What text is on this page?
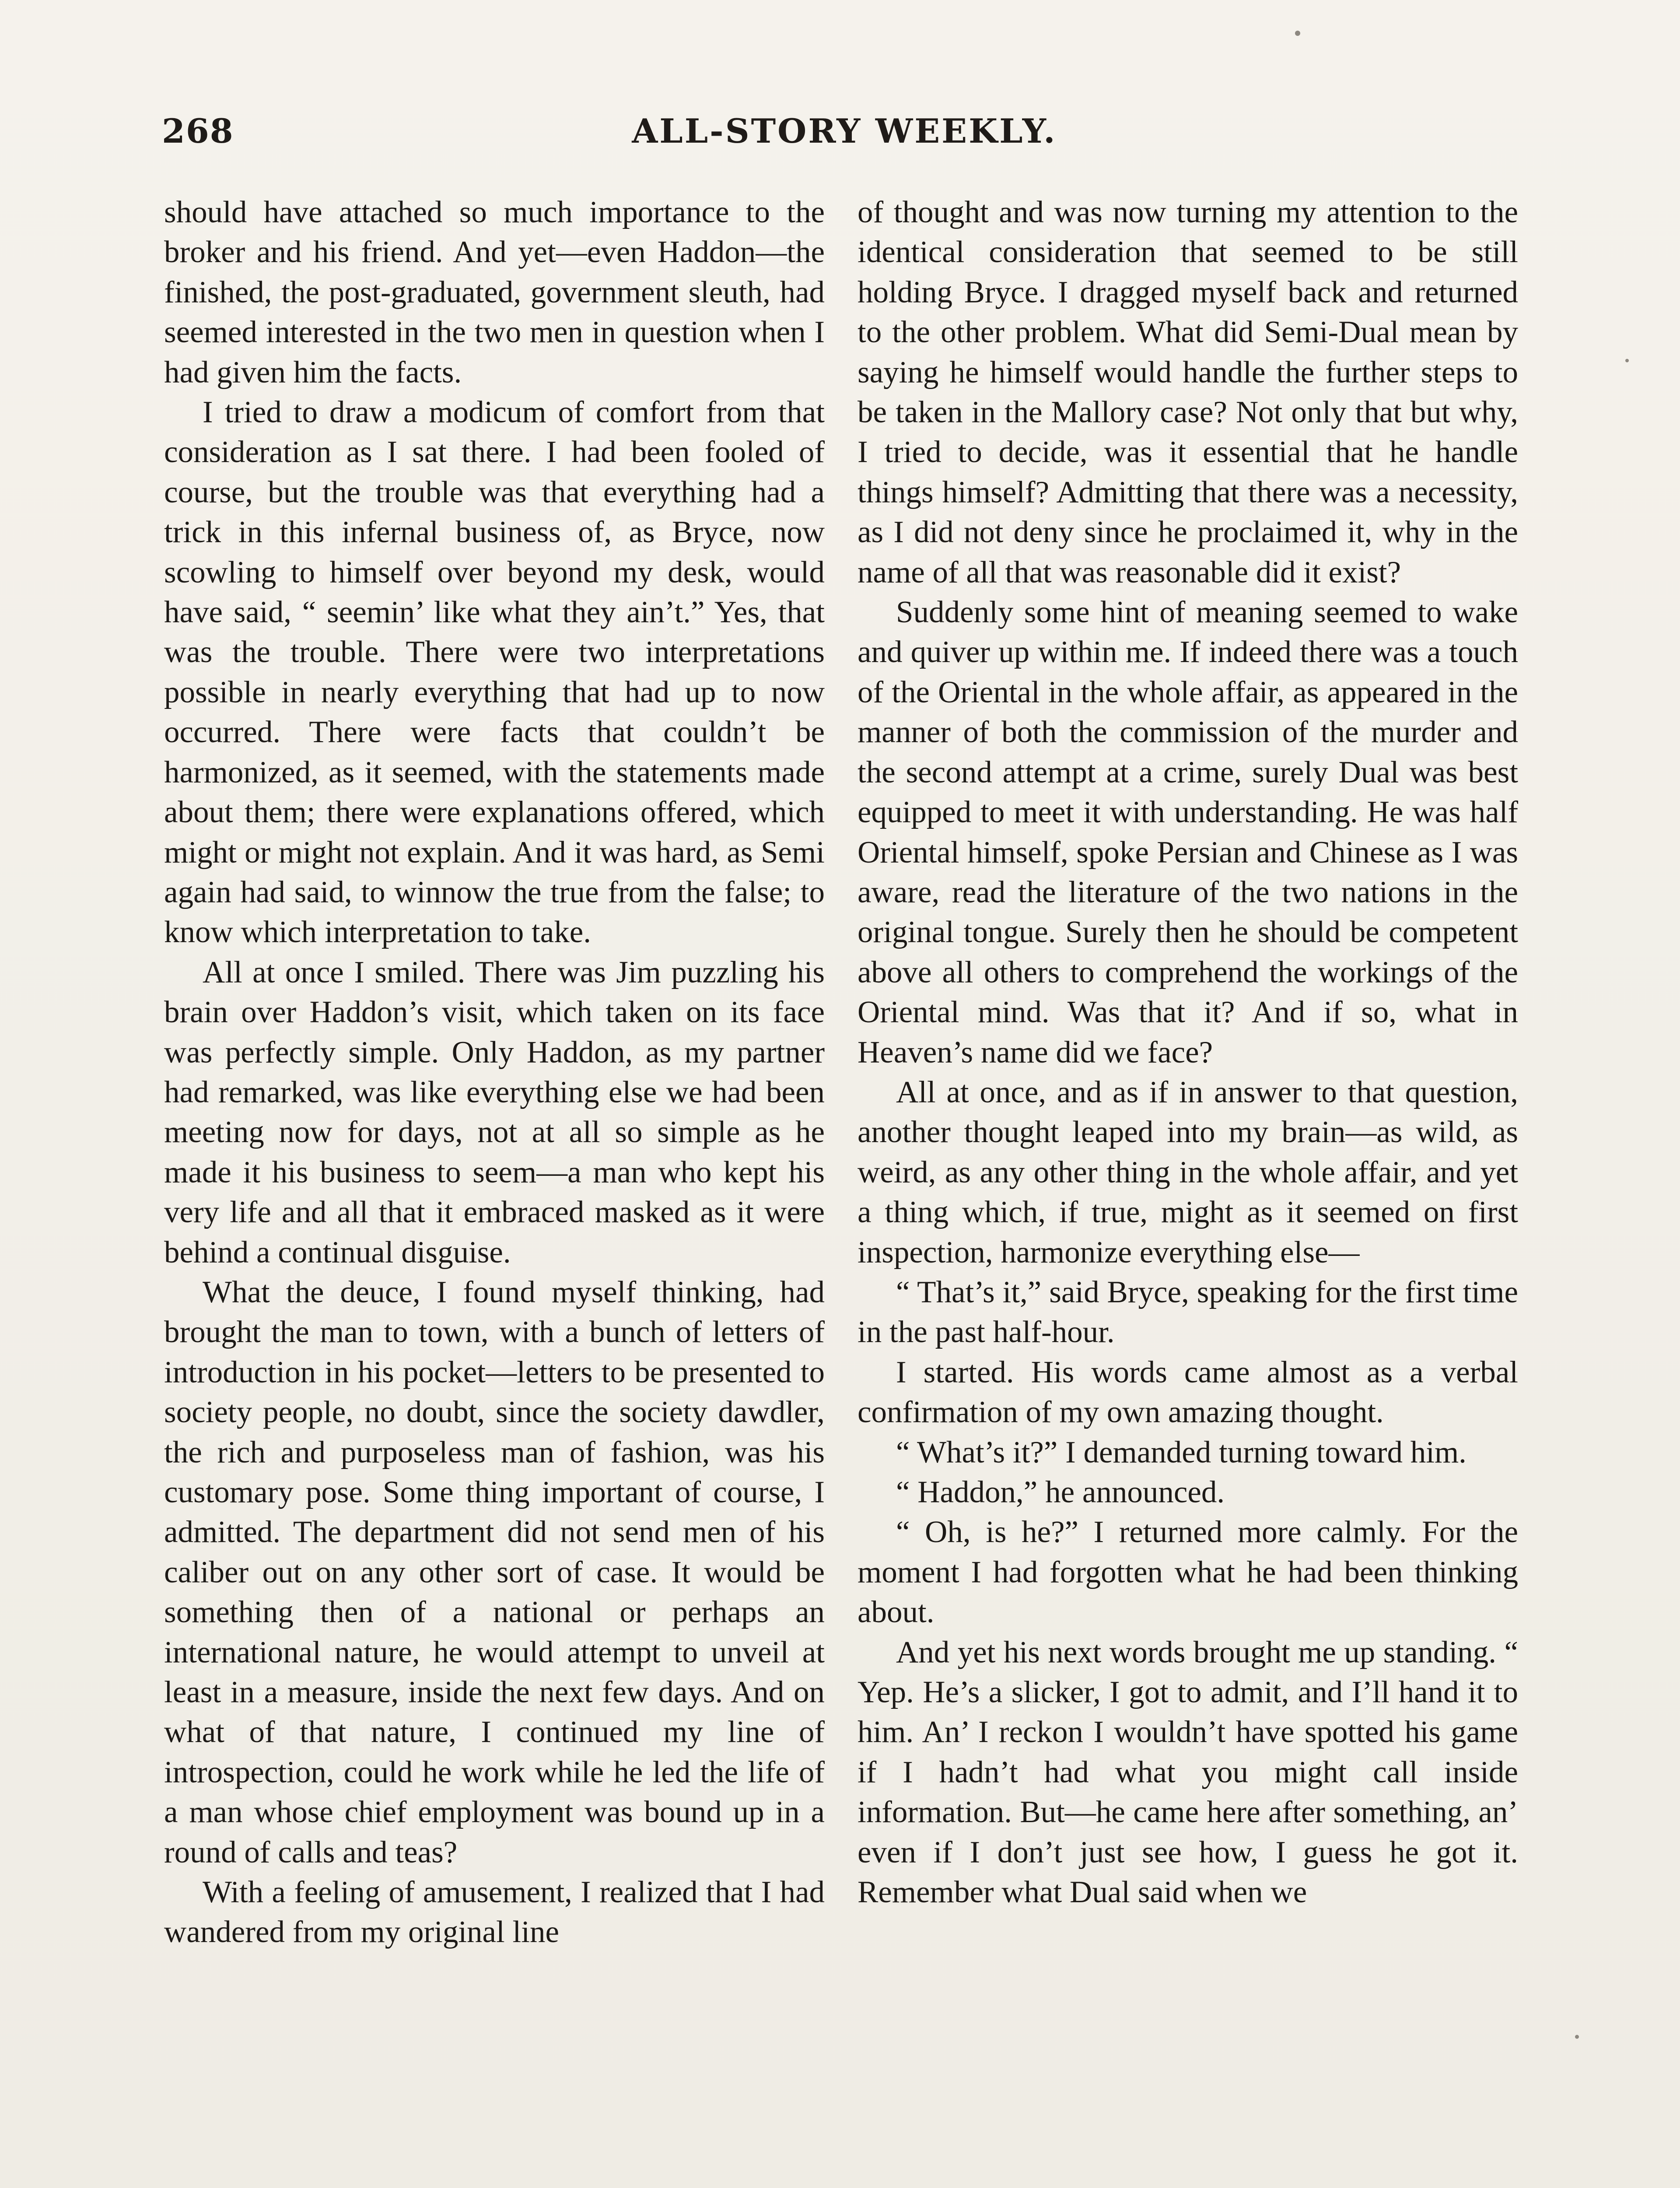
268	ALL-STORY WEEKLY.

should have attached so much importance to the broker and his friend. And yet—even Haddon—the finished, the post-graduated, government sleuth, had seemed interested in the two men in question when I had given him the facts.

I tried to draw a modicum of comfort from that consideration as I sat there. I had been fooled of course, but the trouble was that everything had a trick in this infernal business of, as Bryce, now scowling to himself over beyond my desk, would have said, “ seemin’ like what they ain’t.” Yes, that was the trouble. There were two interpretations possible in nearly everything that had up to now occurred. There were facts that couldn’t be harmonized, as it seemed, with the statements made about them; there were explanations offered, which might or might not explain. And it was hard, as Semi again had said, to winnow the true from the false; to know which interpretation to take.

All at once I smiled. There was Jim puzzling his brain over Haddon’s visit, which taken on its face was perfectly simple. Only Haddon, as my partner had remarked, was like everything else we had been meeting now for days, not at all so simple as he made it his business to seem—a man who kept his very life and all that it embraced masked as it were behind a continual disguise.

What the deuce, I found myself thinking, had brought the man to town, with a bunch of letters of introduction in his pocket—letters to be presented to society people, no doubt, since the society dawdler, the rich and purposeless man of fashion, was his customary pose. Some thing important of course, I admitted. The department did not send men of his caliber out on any other sort of case. It would be something then of a national or perhaps an international nature, he would attempt to unveil at least in a measure, inside the next few days. And on what of that nature, I continued my line of introspection, could he work while he led the life of a man whose chief employment was bound up in a round of calls and teas?

With a feeling of amusement, I realized that I had wandered from my original line

of thought and was now turning my attention to the identical consideration that seemed to be still holding Bryce. I dragged myself back and returned to the other problem. What did Semi-Dual mean by saying he himself would handle the further steps to be taken in the Mallory case? Not only that but why, I tried to decide, was it essential that he handle things himself? Admitting that there was a necessity, as I did not deny since he proclaimed it, why in the name of all that was reasonable did it exist?

Suddenly some hint of meaning seemed to wake and quiver up within me. If indeed there was a touch of the Oriental in the whole affair, as appeared in the manner of both the commission of the murder and the second attempt at a crime, surely Dual was best equipped to meet it with understanding. He was half Oriental himself, spoke Persian and Chinese as I was aware, read the literature of the two nations in the original tongue. Surely then he should be competent above all others to comprehend the workings of the Oriental mind. Was that it? And if so, what in Heaven’s name did we face?

All at once, and as if in answer to that question, another thought leaped into my brain—as wild, as weird, as any other thing in the whole affair, and yet a thing which, if true, might as it seemed on first inspection, harmonize everything else—

“ That’s it,” said Bryce, speaking for the first time in the past half-hour.

I started. His words came almost as a verbal confirmation of my own amazing thought.

“ What’s it?” I demanded turning toward him.

“ Haddon,” he announced.

“ Oh, is he?” I returned more calmly. For the moment I had forgotten what he had been thinking about.

And yet his next words brought me up standing. “ Yep. He’s a slicker, I got to admit, and I’ll hand it to him. An’ I reckon I wouldn’t have spotted his game if I hadn’t had what you might call inside information. But—he came here after something, an’ even if I don’t just see how, I guess he got it. Remember what Dual said when we
